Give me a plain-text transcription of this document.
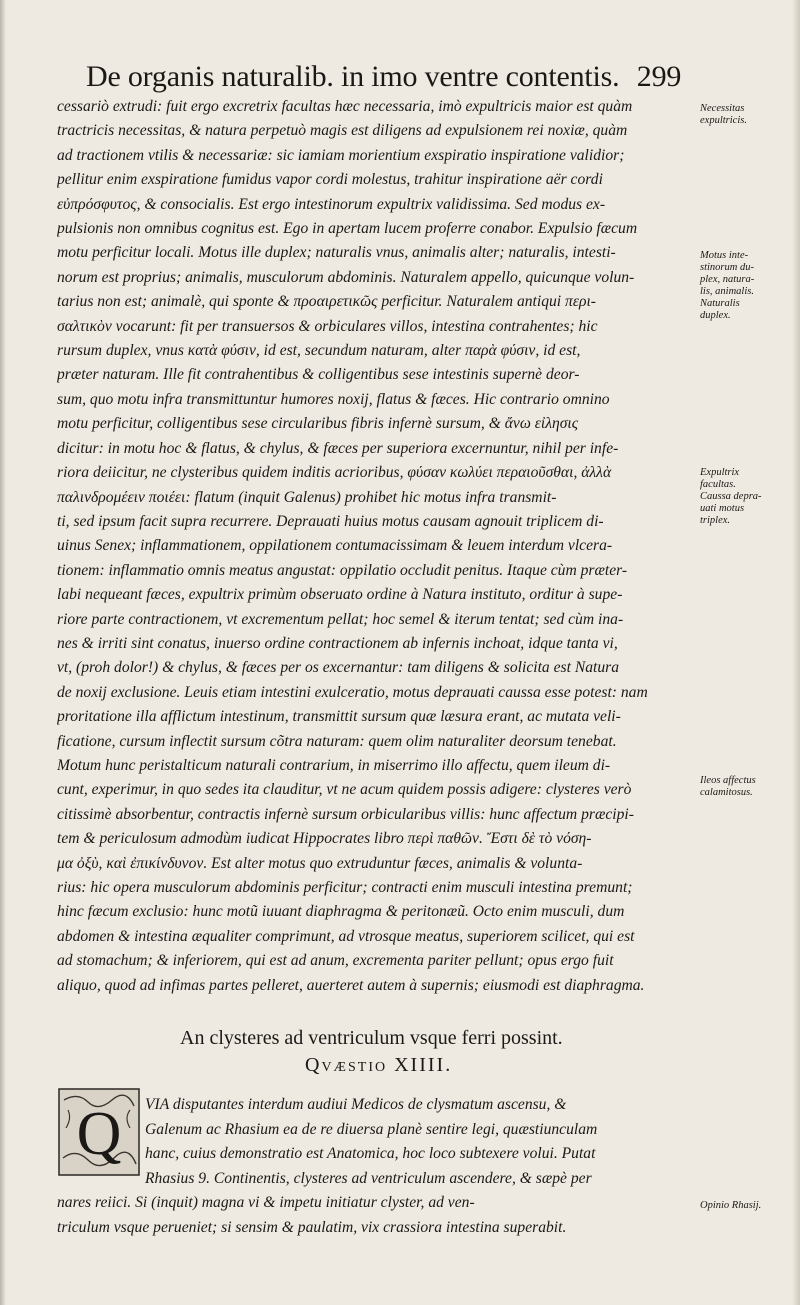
De organis naturalib. in imo ventre contentis. 299
cessariò extrudi: fuit ergo excretrix facultas hæc necessaria, imò expultricis maior est quàm
tractricis necessitas, & natura perpetuò magis est diligens ad expulsionem rei noxiæ, quàm
ad tractionem vtilis & necessariæ: sic iamiam morientium exspiratio inspiratione validior;
pellitur enim exspiratione fumidus vapor cordi molestus, trahitur inspiratione aër cordi
εὐπρόσφυτος, & consocialis. Est ergo intestinorum expultrix validissima. Sed modus ex-
pulsionis non omnibus cognitus est. Ego in apertam lucem proferre conabor. Expulsio fæcum
motu perficitur locali. Motus ille duplex; naturalis vnus, animalis alter; naturalis, intesti-
norum est proprius; animalis, musculorum abdominis. Naturalem appello, quicunque volun-
tarius non est; animalè, qui sponte & προαιρετικῶς perficitur. Naturalem antiqui περι-
σαλτικὸν vocarunt: fit per transuersos & orbiculares villos, intestina contrahentes; hic
rursum duplex, vnus κατὰ φύσιν, id est, secundum naturam, alter παρὰ φύσιν, id est,
præter naturam. Ille fit contrahentibus & colligentibus sese intestinis supernè deor-
sum, quo motu infra transmittuntur humores noxij, flatus & fæces. Hic contrario omnino
motu perficitur, colligentibus sese circularibus fibris infernè sursum, & ἄνω εἰλησις
dicitur: in motu hoc & flatus, & chylus, & fæces per superiora excernuntur, nihil per infe-
riora deiicitur, ne clysteribus quidem inditis acrioribus, φύσαν κωλύει περαιοῦσθαι, ἀλλὰ
παλινδρομέειν ποιέει: flatum (inquit Galenus) prohibet hic motus infra transmit-
ti, sed ipsum facit supra recurrere. Deprauati huius motus causam agnouit triplicem di-
uinus Senex; inflammationem, oppilationem contumacissimam & leuem interdum vlcera-
tionem: inflammatio omnis meatus angustat: oppilatio occludit penitus. Itaque cùm præter-
labi nequeant fæces, expultrix primùm obseruato ordine à Natura instituto, orditur à supe-
riore parte contractionem, vt excrementum pellat; hoc semel & iterum tentat; sed cùm ina-
nes & irriti sint conatus, inuerso ordine contractionem ab infernis inchoat, idque tanta vi,
vt, (proh dolor!) & chylus, & fæces per os excernantur: tam diligens & solicita est Natura
de noxij exclusione. Leuis etiam intestini exulceratio, motus deprauati caussa esse potest: nam
proritatione illa afflictum intestinum, transmittit sursum quæ læsura erant, ac mutata veli-
ficatione, cursum inflectit sursum cõtra naturam: quem olim naturaliter deorsum tenebat.
Motum hunc peristalticum naturali contrarium, in miserrimo illo affectu, quem ileum di-
cunt, experimur, in quo sedes ita clauditur, vt ne acum quidem possis adigere: clysteres verò
citissimè absorbentur, contractis infernè sursum orbicularibus villis: hunc affectum præcipi-
tem & periculosum admodùm iudicat Hippocrates libro περὶ παθῶν. Ἔστι δὲ τὸ νόση-
μα ὀξὺ, καὶ ἐπικίνδυνον. Est alter motus quo extruduntur fæces, animalis & volunta-
rius: hic opera musculorum abdominis perficitur; contracti enim musculi intestina premunt;
hinc fæcum exclusio: hunc motũ iuuant diaphragma & peritonæũ. Octo enim musculi, dum
abdomen & intestina æqualiter comprimunt, ad vtrosque meatus, superiorem scilicet, qui est
ad stomachum; & inferiorem, qui est ad anum, excrementa pariter pellunt; opus ergo fuit
aliquo, quod ad infimas partes pelleret, auerteret autem à supernis; eiusmodi est diaphragma.
Necessitas
expultricis.
Motus inte-
stinorum du-
plex, natura-
lis, animalis.
Naturalis
duplex.
Expultrix
facultas.
Caussa depra-
uati motus
triplex.
Ileos affectus
calamitosus.
Opinio Rhasij.
An clysteres ad ventriculum vsque ferri possint.
Qvæstio XIIII.
Q	VIA disputantes interdum audiui Medicos de clysmatum ascensu, &
Galenum ac Rhasium ea de re diuersa planè sentire legi, quæstiunculam
hanc, cuius demonstratio est Anatomica, hoc loco subtexere volui. Putat
Rhasius 9. Continentis, clysteres ad ventriculum ascendere, & sæpè per
nares reiici. Si (inquit) magna vi & impetu initiatur clyster, ad ven-
triculum vsque perueniet; si sensim & paulatim, vix crassiora intestina superabit.
